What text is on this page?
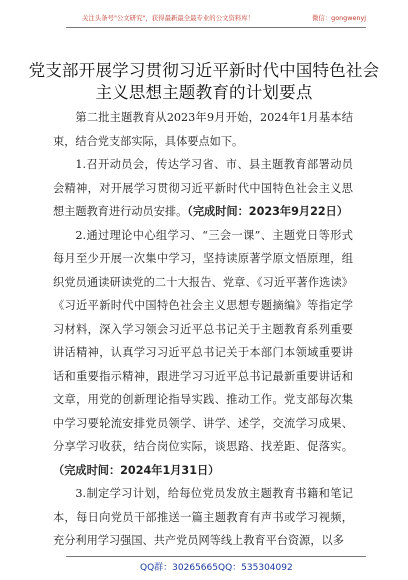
关注头条号"公文研究"，获得最新最全最专业的公文资料库！	微信：gongwenyj
党支部开展学习贯彻习近平新时代中国特色社会主义思想主题教育的计划要点

第二批主题教育从2023年9月开始，2024年1月基本结束，结合党支部实际，具体要点如下。

1.召开动员会，传达学习省、市、县主题教育部署动员会精神，对开展学习贯彻习近平新时代中国特色社会主义思想主题教育进行动员安排。（完成时间：2023年9月22日）

2.通过理论中心组学习、“三会一课”、主题党日等形式每月至少开展一次集中学习，坚持读原著学原文悟原理，组织党员通读研读党的二十大报告、党章、《习近平著作选读》《习近平新时代中国特色社会主义思想专题摘编》等指定学习材料，深入学习领会习近平总书记关于主题教育系列重要讲话精神，认真学习习近平总书记关于本部门本领域重要讲话和重要指示精神，跟进学习习近平总书记最新重要讲话和文章，用党的创新理论指导实践、推动工作。党支部每次集中学习要轮流安排党员领学、讲学、述学，交流学习成果、分享学习收获，结合岗位实际，谈思路、找差距、促落实。（完成时间：2024年1月31日）

3.制定学习计划，给每位党员发放主题教育书籍和笔记本，每日向党员干部推送一篇主题教育有声书或学习视频，充分利用学习强国、共产党员网等线上教育平台资源，以多

QQ群：30265665 QQ：535304092
